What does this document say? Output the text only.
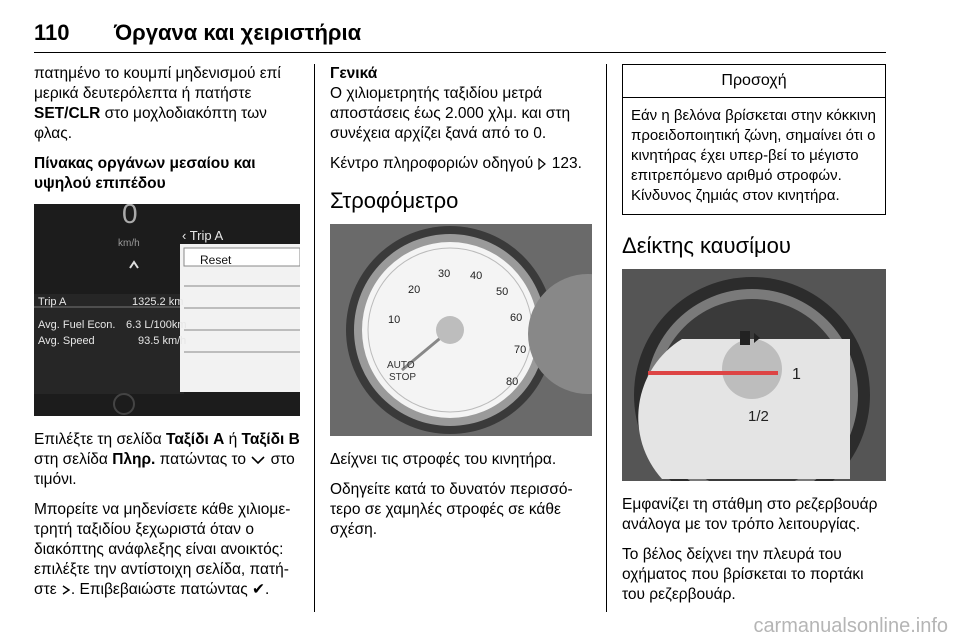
110 Όργανα και χειριστήρια

πατημένο το κουμπί μηδενισμού επί μερικά δευτερόλεπτα ή πατήστε SET/CLR στο μοχλοδιακόπτη των φλας.

Πίνακας οργάνων μεσαίου και
υψηλού επιπέδου

0
km/h
‹ Trip A
Reset
Trip A	1325.2 km
Avg. Fuel Econ. 6.3 L/100km
Avg. Speed	93.5 km/h

Επιλέξτε τη σελίδα Ταξίδι A ή Ταξίδι B στη σελίδα Πληρ. πατώντας το  στο τιμόνι.

Μπορείτε να μηδενίσετε κάθε χιλιομε-τρητή ταξιδίου ξεχωριστά όταν ο διακόπτης ανάφλεξης είναι ανοικτός: επιλέξτε την αντίστοιχη σελίδα, πατή-στε . Επιβεβαιώστε πατώντας ✔.

Γενικά

Ο χιλιομετρητής ταξιδίου μετρά αποστάσεις έως 2.000 χλμ. και στη συνέχεια αρχίζει ξανά από το 0.

Κέντρο πληροφοριών οδηγού  123.

Στροφόμετρο

AUTO
STOP
10
20
30 40
50
60
70
80

Δείχνει τις στροφές του κινητήρα.

Οδηγείτε κατά το δυνατόν περισσό-τερο σε χαμηλές στροφές σε κάθε σχέση.

Προσοχή
Εάν η βελόνα βρίσκεται στην κόκκινη προειδοποιητική ζώνη, σημαίνει ότι ο κινητήρας έχει υπερ-βεί το μέγιστο επιτρεπόμενο αριθμό στροφών. Κίνδυνος ζημιάς στον κινητήρα.

Δείκτης καυσίμου

1
1/2

Εμφανίζει τη στάθμη στο ρεζερβουάρ ανάλογα με τον τρόπο λειτουργίας.

Το βέλος δείχνει την πλευρά του οχήματος που βρίσκεται το πορτάκι του ρεζερβουάρ.

carmanualsonline.info
